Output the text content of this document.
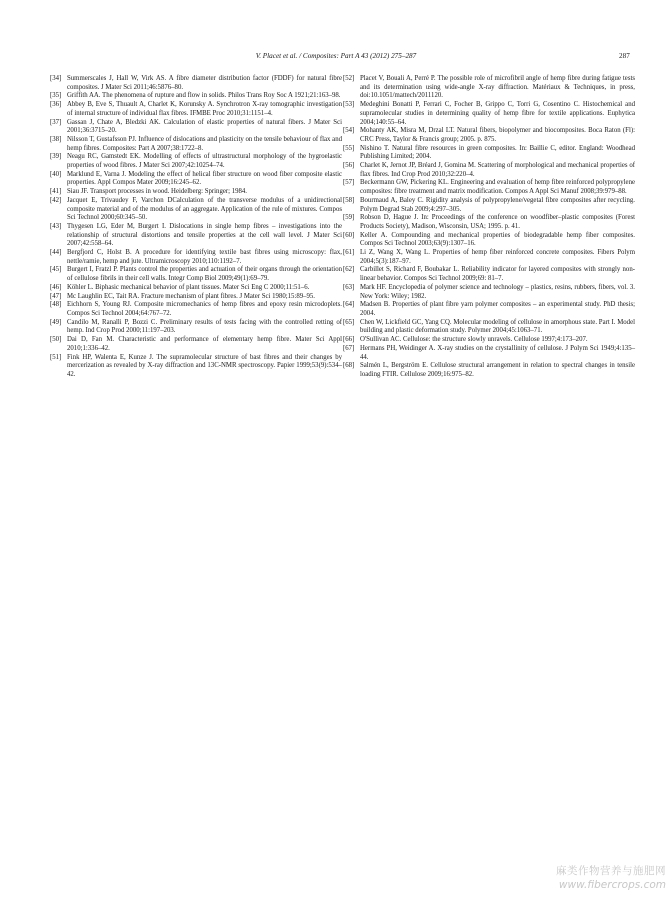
V. Placet et al. / Composites: Part A 43 (2012) 275–287	287
[34] Summerscales J, Hall W, Virk AS. A fibre diameter distribution factor (FDDF) for natural fibre composites. J Mater Sci 2011;46:5876–80.
[35] Griffith AA. The phenomena of rupture and flow in solids. Philos Trans Roy Soc A 1921;21:163–98.
[36] Abbey B, Eve S, Thuault A, Charlet K, Korunsky A. Synchrotron X-ray tomographic investigation of internal structure of individual flax fibres. IFMBE Proc 2010;31:1151–4.
[37] Gassan J, Chate A, Bledzki AK. Calculation of elastic properties of natural fibers. J Mater Sci 2001;36:3715–20.
[38] Nilsson T, Gustafsson PJ. Influence of dislocations and plasticity on the tensile behaviour of flax and hemp fibres. Composites: Part A 2007;38:1722–8.
[39] Neagu RC, Gamstedt EK. Modelling of effects of ultrastructural morphology of the hygroelastic properties of wood fibres. J Mater Sci 2007;42:10254–74.
[40] Marklund E, Varna J. Modeling the effect of helical fiber structure on wood fiber composite elastic properties. Appl Compos Mater 2009;16:245–62.
[41] Siau JF. Transport processes in wood. Heidelberg: Springer; 1984.
[42] Jacquet E, Trivaudey F, Varchon DCalculation of the transverse modulus of a unidirectional composite material and of the modulus of an aggregate. Application of the rule of mixtures. Compos Sci Technol 2000;60:345–50.
[43] Thygesen LG, Eder M, Burgert I. Dislocations in single hemp fibres – investigations into the relationship of structural distortions and tensile properties at the cell wall level. J Mater Sci 2007;42:558–64.
[44] Bergfjord C, Holst B. A procedure for identifying textile bast fibres using microscopy: flax, nettle/ramie, hemp and jute. Ultramicroscopy 2010;110:1192–7.
[45] Burgert I, Fratzl P. Plants control the properties and actuation of their organs through the orientation of cellulose fibrils in their cell walls. Integr Comp Biol 2009;49(1):69–79.
[46] Köhler L. Biphasic mechanical behavior of plant tissues. Mater Sci Eng C 2000;11:51–6.
[47] Mc Laughlin EC, Tait RA. Fracture mechanism of plant fibres. J Mater Sci 1980;15:89–95.
[48] Eichhorn S, Young RJ. Composite micromechanics of hemp fibres and epoxy resin microdoplets. Compos Sci Technol 2004;64:767–72.
[49] Candilo M, Ranalli P, Bozzi C. Preliminary results of tests facing with the controlled retting of hemp. Ind Crop Prod 2000;11:197–203.
[50] Dai D, Fan M. Characteristic and performance of elementary hemp fibre. Mater Sci Appl 2010;1:336–42.
[51] Fink HP, Walenta E, Kunze J. The supramolecular structure of bast fibres and their changes by mercerization as revealed by X-ray diffraction and 13C-NMR spectroscopy. Papier 1999;53(9):534–42.
[52] Placet V, Bouali A, Perré P. The possible role of microfibril angle of hemp fibre during fatigue tests and its determination using wide-angle X-ray diffraction. Matériaux & Techniques, in press, doi:10.1051/mattech/2011120.
[53] Medeghini Bonatti P, Ferrari C, Focher B, Grippo C, Torri G, Cosentino C. Histochemical and supramolecular studies in determining quality of hemp fibre for textile applications. Euphytica 2004;140:55–64.
[54] Mohanty AK, Misra M, Drzal LT. Natural fibers, biopolymer and biocomposites. Boca Raton (Fl): CRC Press, Taylor & Francis group; 2005. p. 875.
[55] Nishino T. Natural fibre resources in green composites. In: Baillie C, editor. England: Woodhead Publishing Limited; 2004.
[56] Charlet K, Jernot JP, Bréard J, Gomina M. Scattering of morphological and mechanical properties of flax fibres. Ind Crop Prod 2010;32:220–4.
[57] Beckermann GW, Pickering KL. Engineering and evaluation of hemp fibre reinforced polypropylene composites: fibre treatment and matrix modification. Compos A Appl Sci Manuf 2008;39:979–88.
[58] Bourmaud A, Baley C. Rigidity analysis of polypropylene/vegetal fibre composites after recycling. Polym Degrad Stab 2009;4:297–305.
[59] Robson D, Hague J. In: Proceedings of the conference on woodfiber–plastic composites (Forest Products Society), Madison, Wisconsin, USA; 1995. p. 41.
[60] Keller A. Compounding and mechanical properties of biodegradable hemp fiber composites. Compos Sci Technol 2003;63(9):1307–16.
[61] Li Z, Wang X, Wang L. Properties of hemp fiber reinforced concrete composites. Fibers Polym 2004;5(3):187–97.
[62] Carbillet S, Richard F, Boubakar L. Reliability indicator for layered composites with strongly non-linear behavior. Compos Sci Technol 2009;69: 81–7.
[63] Mark HF. Encyclopedia of polymer science and technology – plastics, resins, rubbers, fibers, vol. 3. New York: Wiley; 1982.
[64] Madsen B. Properties of plant fibre yarn polymer composites – an experimental study. PhD thesis; 2004.
[65] Chen W, Lickfield GC, Yang CQ. Molecular modeling of cellulose in amorphous state. Part I. Model building and plastic deformation study. Polymer 2004;45:1063–71.
[66] O'Sullivan AC. Cellulose: the structure slowly unravels. Cellulose 1997;4:173–207.
[67] Hermans PH, Weidinger A. X-ray studies on the crystallinity of cellulose. J Polym Sci 1949;4:135–44.
[68] Salmén L, Bergström E. Cellulose structural arrangement in relation to spectral changes in tensile loading FTIR. Cellulose 2009;16:975–82.
麻类作物营养与施肥网
www.fibercrops.com
